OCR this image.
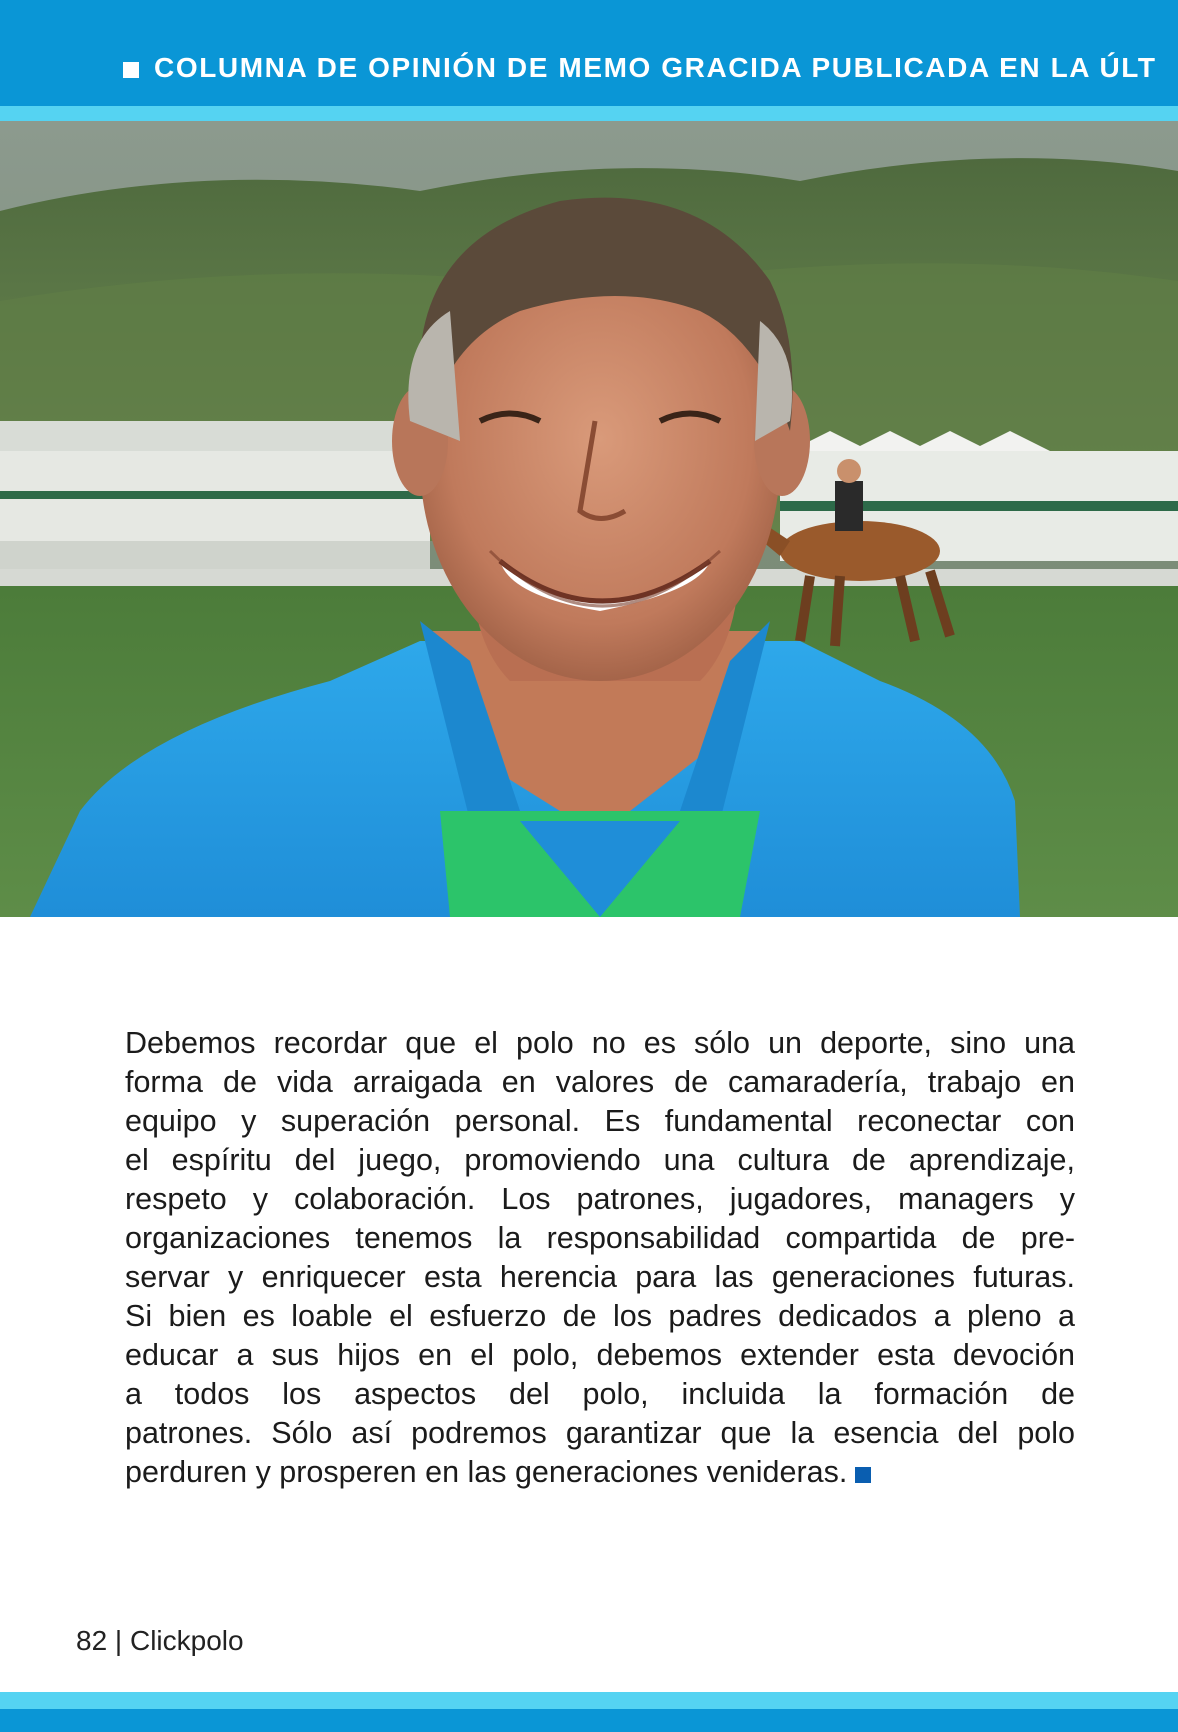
COLUMNA DE OPINIÓN DE MEMO GRACIDA PUBLICADA EN LA ÚLT
Debemos recordar que el polo no es sólo un deporte, sino una
forma de vida arraigada en valores de camaradería, trabajo en
equipo y superación personal. Es fundamental reconectar con
el espíritu del juego, promoviendo una cultura de aprendizaje,
respeto y colaboración. Los patrones, jugadores, managers y
organizaciones tenemos la responsabilidad compartida de pre-
servar y enriquecer esta herencia para las generaciones futuras.
Si bien es loable el esfuerzo de los padres dedicados a pleno a
educar a sus hijos en el polo, debemos extender esta devoción
a todos los aspectos del polo, incluida la formación de
patrones. Sólo así podremos garantizar que la esencia del polo
perduren y prosperen en las generaciones venideras.
82 | Clickpolo
